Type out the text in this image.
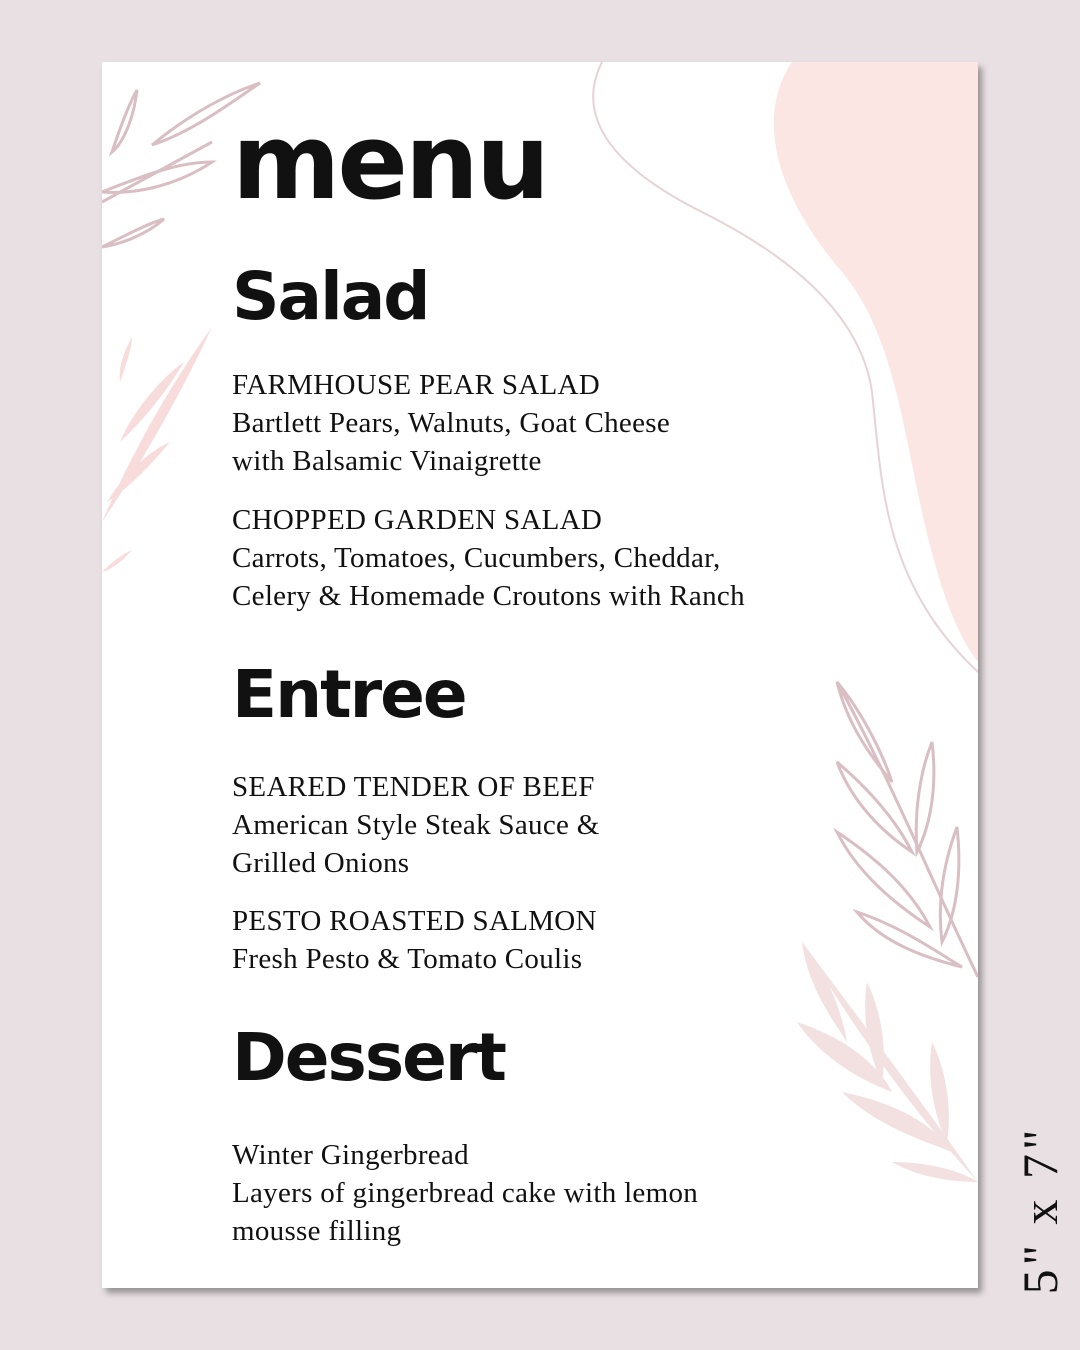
menu
Salad
FARMHOUSE PEAR SALAD
Bartlett Pears, Walnuts, Goat Cheese
with Balsamic Vinaigrette
CHOPPED GARDEN SALAD
Carrots, Tomatoes, Cucumbers, Cheddar,
Celery & Homemade Croutons with Ranch
Entree
SEARED TENDER OF BEEF
American Style Steak Sauce &
Grilled Onions
PESTO ROASTED SALMON
Fresh Pesto & Tomato Coulis
Dessert
Winter Gingerbread
Layers of gingerbread cake with lemon
mousse filling	5" x 7"
